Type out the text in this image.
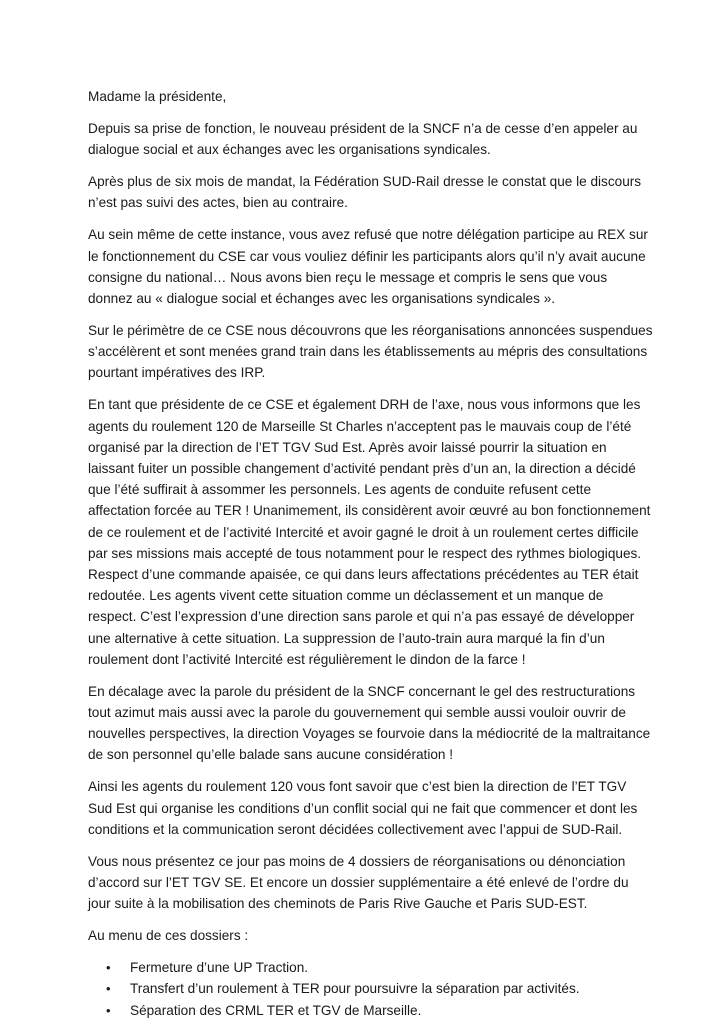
Madame la présidente,

Depuis sa prise de fonction, le nouveau président de la SNCF n’a de cesse d’en appeler au dialogue social et aux échanges avec les organisations syndicales.

Après plus de six mois de mandat, la Fédération SUD-Rail dresse le constat que le discours n’est pas suivi des actes, bien au contraire.

Au sein même de cette instance, vous avez refusé que notre délégation participe au REX sur le fonctionnement du CSE car vous vouliez définir les participants alors qu’il n’y avait aucune consigne du national… Nous avons bien reçu le message et compris le sens que vous donnez au « dialogue social et échanges avec les organisations syndicales ».

Sur le périmètre de ce CSE nous découvrons que les réorganisations annoncées suspendues s’accélèrent et sont menées grand train dans les établissements au mépris des consultations pourtant impératives des IRP.

En tant que présidente de ce CSE et également DRH de l’axe, nous vous informons que les agents du roulement 120 de Marseille St Charles n’acceptent pas le mauvais coup de l’été organisé par la direction de l’ET TGV Sud Est. Après avoir laissé pourrir la situation en laissant fuiter un possible changement d’activité pendant près d’un an, la direction a décidé que l’été suffirait à assommer les personnels. Les agents de conduite refusent cette affectation forcée au TER ! Unanimement, ils considèrent avoir œuvré au bon fonctionnement de ce roulement et de l’activité Intercité et avoir gagné le droit à un roulement certes difficile par ses missions mais accepté de tous notamment pour le respect des rythmes biologiques. Respect d’une commande apaisée, ce qui dans leurs affectations précédentes au TER était redoutée. Les agents vivent cette situation comme un déclassement et un manque de respect. C’est l’expression d’une direction sans parole et qui n’a pas essayé de développer une alternative à cette situation. La suppression de l’auto-train aura marqué la fin d’un roulement dont l’activité Intercité est régulièrement le dindon de la farce !

En décalage avec la parole du président de la SNCF concernant le gel des restructurations tout azimut mais aussi avec la parole du gouvernement qui semble aussi vouloir ouvrir de nouvelles perspectives, la direction Voyages se fourvoie dans la médiocrité de la maltraitance de son personnel qu’elle balade sans aucune considération !

Ainsi les agents du roulement 120 vous font savoir que c’est bien la direction de l’ET TGV Sud Est qui organise les conditions d’un conflit social qui ne fait que commencer et dont les conditions et la communication seront décidées collectivement avec l’appui de SUD-Rail.

Vous nous présentez ce jour pas moins de 4 dossiers de réorganisations ou dénonciation d’accord sur l’ET TGV SE. Et encore un dossier supplémentaire a été enlevé de l’ordre du jour suite à la mobilisation des cheminots de Paris Rive Gauche et Paris SUD-EST.

Au menu de ces dossiers :

• Fermeture d’une UP Traction.
• Transfert d’un roulement à TER pour poursuivre la séparation par activités.
• Séparation des CRML TER et TGV de Marseille.
